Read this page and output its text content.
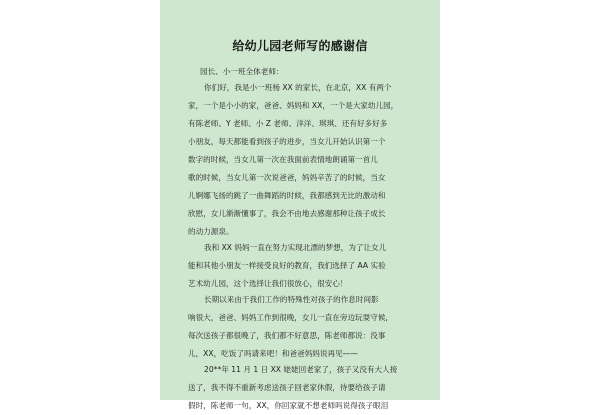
给幼儿园老师写的感谢信
园长、小一班全体老师：
你们好，我是小一班杨 XX 的家长，在北京，XX 有两个
家，一个是小小的家，爸爸、妈妈和 XX，一个是大家幼儿园，
有陈老师、Y 老师、小 Z 老师、洋洋、琪琪、还有好多好多
小朋友，每天都能看到孩子的进步，当女儿开始认识第一个
数字的时候，当女儿第一次在我面前表情地朗诵第一首儿
歌的时候，当女儿第一次说爸爸，妈妈辛苦了的时候，当女
儿婀娜飞扬的跳了一曲舞蹈的时候，我都感到无比的激动和
欣慰，女儿渐渐懂事了，我会不由地去感谢那种让孩子成长
的动力源泉。
我和 XX 妈妈一直在努力实现北漂的梦想，为了让女儿
能和其他小朋友一样接受良好的教育，我们选择了 AA 实验
艺术幼儿园，这个选择让我们很放心，很安心！
长期以来由于我们工作的特殊性对孩子的作息时间影
响很大，爸爸、妈妈工作到很晚，女儿一直在旁边玩耍守候，
每次送孩子都很晚了，我们都不好意思，陈老师都说：没事
儿，XX，吃饭了吗请来吧！和爸爸妈妈说再见——
20**年 11 月 1 日 XX 姥姥回老家了，孩子又没有大人接
送了，我不得不重新考虑送孩子回老家休假，待要给孩子请
假时，陈老师一句，XX，你回家就不想老师吗说得孩子眼泪
